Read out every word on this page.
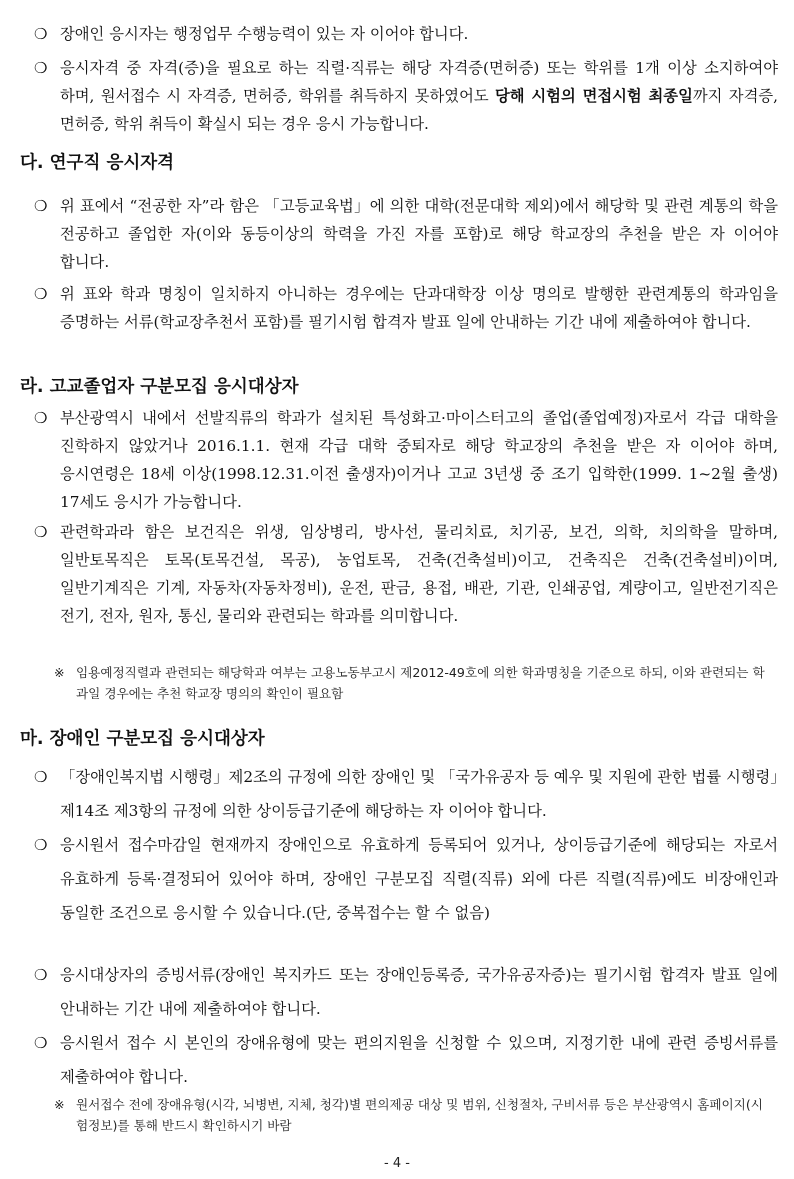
❍ 장애인 응시자는 행정업무 수행능력이 있는 자 이어야 합니다.
❍ 응시자격 중 자격(증)을 필요로 하는 직렬·직류는 해당 자격증(면허증) 또는 학위를 1개 이상 소지하여야 하며, 원서접수 시 자격증, 면허증, 학위를 취득하지 못하였어도 당해 시험의 면접시험 최종일까지 자격증, 면허증, 학위 취득이 확실시 되는 경우 응시 가능합니다.
다. 연구직 응시자격
❍ 위 표에서 “전공한 자”라 함은 「고등교육법」에 의한 대학(전문대학 제외)에서 해당학 및 관련 계통의 학을 전공하고 졸업한 자(이와 동등이상의 학력을 가진 자를 포함)로 해당 학교장의 추천을 받은 자 이어야 합니다.
❍ 위 표와 학과 명칭이 일치하지 아니하는 경우에는 단과대학장 이상 명의로 발행한 관련계통의 학과임을 증명하는 서류(학교장추천서 포함)를 필기시험 합격자 발표 일에 안내하는 기간 내에 제출하여야 합니다.
라. 고교졸업자 구분모집 응시대상자
❍ 부산광역시 내에서 선발직류의 학과가 설치된 특성화고·마이스터고의 졸업(졸업예정)자로서 각급 대학을 진학하지 않았거나 2016.1.1. 현재 각급 대학 중퇴자로 해당 학교장의 추천을 받은 자 이어야 하며, 응시연령은 18세 이상(1998.12.31.이전 출생자)이거나 고교 3년생 중 조기 입학한(1999. 1~2월 출생) 17세도 응시가 가능합니다.
❍ 관련학과라 함은 보건직은 위생, 임상병리, 방사선, 물리치료, 치기공, 보건, 의학, 치의학을 말하며, 일반토목직은 토목(토목건설, 목공), 농업토목, 건축(건축설비)이고, 건축직은 건축(건축설비)이며, 일반기계직은 기계, 자동차(자동차정비), 운전, 판금, 용접, 배관, 기관, 인쇄공업, 계량이고, 일반전기직은 전기, 전자, 원자, 통신, 물리와 관련되는 학과를 의미합니다.
※ 임용예정직렬과 관련되는 해당학과 여부는 고용노동부고시 제2012-49호에 의한 학과명칭을 기준으로 하되, 이와 관련되는 학과일 경우에는 추천 학교장 명의의 확인이 필요함
마. 장애인 구분모집 응시대상자
❍ 「장애인복지법 시행령」제2조의 규정에 의한 장애인 및 「국가유공자 등 예우 및 지원에 관한 법률 시행령」제14조 제3항의 규정에 의한 상이등급기준에 해당하는 자 이어야 합니다.
❍ 응시원서 접수마감일 현재까지 장애인으로 유효하게 등록되어 있거나, 상이등급기준에 해당되는 자로서 유효하게 등록·결정되어 있어야 하며, 장애인 구분모집 직렬(직류) 외에 다른 직렬(직류)에도 비장애인과 동일한 조건으로 응시할 수 있습니다.(단, 중복접수는 할 수 없음)
❍ 응시대상자의 증빙서류(장애인 복지카드 또는 장애인등록증, 국가유공자증)는 필기시험 합격자 발표 일에 안내하는 기간 내에 제출하여야 합니다.
❍ 응시원서 접수 시 본인의 장애유형에 맞는 편의지원을 신청할 수 있으며, 지정기한 내에 관련 증빙서류를 제출하여야 합니다.
※ 원서접수 전에 장애유형(시각, 뇌병변, 지체, 청각)별 편의제공 대상 및 범위, 신청절차, 구비서류 등은 부산광역시 홈페이지(시험정보)를 통해 반드시 확인하시기 바람
- 4 -
